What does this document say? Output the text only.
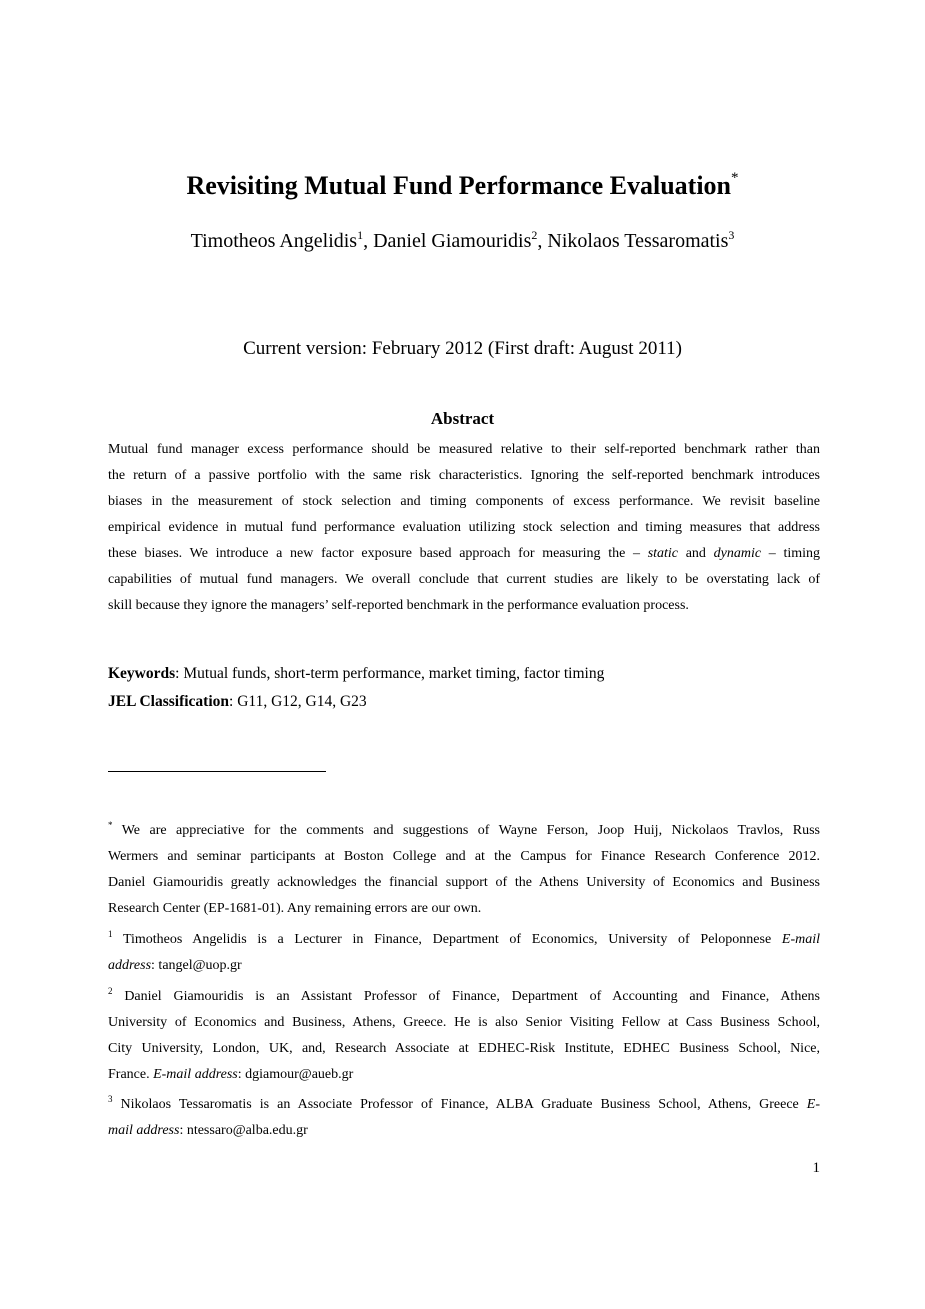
Revisiting Mutual Fund Performance Evaluation*
Timotheos Angelidis$^1$, Daniel Giamouridis$^2$, Nikolaos Tessaromatis$^3$
Current version: February 2012 (First draft: August 2011)
Abstract
Mutual fund manager excess performance should be measured relative to their self-reported benchmark rather than
the return of a passive portfolio with the same risk characteristics. Ignoring the self-reported benchmark introduces
biases in the measurement of stock selection and timing components of excess performance. We revisit baseline
empirical evidence in mutual fund performance evaluation utilizing stock selection and timing measures that address
these biases. We introduce a new factor exposure based approach for measuring the – static and dynamic – timing
capabilities of mutual fund managers. We overall conclude that current studies are likely to be overstating lack of
skill because they ignore the managers’ self-reported benchmark in the performance evaluation process.
Keywords: Mutual funds, short-term performance, market timing, factor timing
JEL Classification: G11, G12, G14, G23
* We are appreciative for the comments and suggestions of Wayne Ferson, Joop Huij, Nickolaos Travlos, Russ
Wermers and seminar participants at Boston College and at the Campus for Finance Research Conference 2012.
Daniel Giamouridis greatly acknowledges the financial support of the Athens University of Economics and Business
Research Center (EP-1681-01). Any remaining errors are our own.
$^1$ Timotheos Angelidis is a Lecturer in Finance, Department of Economics, University of Peloponnese E-mail
address: tangel@uop.gr
$^2$ Daniel Giamouridis is an Assistant Professor of Finance, Department of Accounting and Finance, Athens
University of Economics and Business, Athens, Greece. He is also Senior Visiting Fellow at Cass Business School,
City University, London, UK, and, Research Associate at EDHEC-Risk Institute, EDHEC Business School, Nice,
France. E-mail address: dgiamour@aueb.gr
$^3$ Nikolaos Tessaromatis is an Associate Professor of Finance, ALBA Graduate Business School, Athens, Greece E-
mail address: ntessaro@alba.edu.gr
1
